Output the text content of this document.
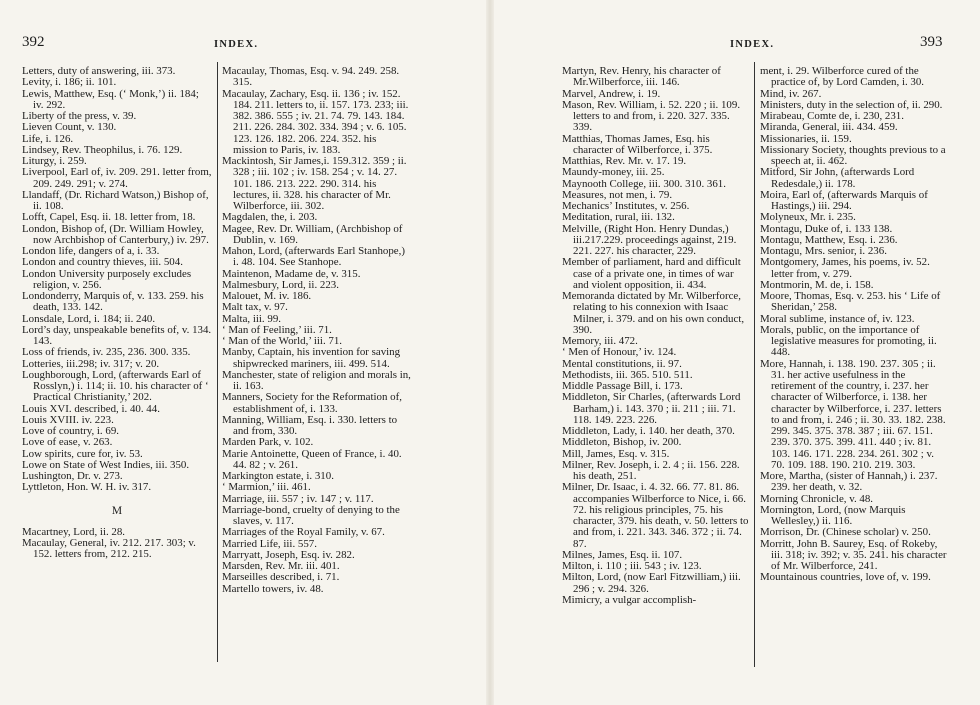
392	INDEX.

Letters, duty of answering, iii. 373.

Levity, i. 186; ii. 101.

Lewis, Matthew, Esq. (‘ Monk,’) ii. 184; iv. 292.

Liberty of the press, v. 39.

Lieven Count, v. 130.

Life, i. 126.

Lindsey, Rev. Theophilus, i. 76. 129.

Liturgy, i. 259.

Liverpool, Earl of, iv. 209. 291. letter from, 209. 249. 291; v. 274.

Llandaff, (Dr. Richard Watson,) Bishop of, ii. 108.

Lofft, Capel, Esq. ii. 18. letter from, 18.

London, Bishop of, (Dr. William Howley, now Archbishop of Canterbury,) iv. 297.

London life, dangers of a, i. 33.

London and country thieves, iii. 504.

London University purposely excludes religion, v. 256.

Londonderry, Marquis of, v. 133. 259. his death, 133. 142.

Lonsdale, Lord, i. 184; ii. 240.

Lord’s day, unspeakable benefits of, v. 134. 143.

Loss of friends, iv. 235, 236. 300. 335.

Lotteries, iii.298; iv. 317; v. 20.

Loughborough, Lord, (afterwards Earl of Rosslyn,) i. 114; ii. 10. his character of ‘ Practical Christianity,’ 202.

Louis XVI. described, i. 40. 44.

Louis XVIII. iv. 223.

Love of country, i. 69.

Love of ease, v. 263.

Low spirits, cure for, iv. 53.

Lowe on State of West Indies, iii. 350.

Lushington, Dr. v. 273.

Lyttleton, Hon. W. H. iv. 317.

M

Macartney, Lord, ii. 28.

Macaulay, General, iv. 212. 217. 303; v. 152. letters from, 212. 215.

Macaulay, Thomas, Esq. v. 94. 249. 258. 315.

Macaulay, Zachary, Esq. ii. 136 ; iv. 152. 184. 211. letters to, ii. 157. 173. 233; iii. 382. 386. 555 ; iv. 21. 74. 79. 143. 184. 211. 226. 284. 302. 334. 394 ; v. 6. 105. 123. 126. 182. 206. 224. 352. his mission to Paris, iv. 183.

Mackintosh, Sir James,i. 159.312. 359 ; ii. 328 ; iii. 102 ; iv. 158. 254 ; v. 14. 27. 101. 186. 213. 222. 290. 314. his lectures, ii. 328. his character of Mr. Wilberforce, iii. 302.

Magdalen, the, i. 203.

Magee, Rev. Dr. William, (Archbishop of Dublin, v. 169.

Mahon, Lord, (afterwards Earl Stanhope,) i. 48. 104. See Stanhope.

Maintenon, Madame de, v. 315.

Malmesbury, Lord, ii. 223.

Malouet, M. iv. 186.

Malt tax, v. 97.

Malta, iii. 99.

‘ Man of Feeling,’ iii. 71.

‘ Man of the World,’ iii. 71.

Manby, Captain, his invention for saving shipwrecked mariners, iii. 499. 514.

Manchester, state of religion and morals in, ii. 163.

Manners, Society for the Reformation of, establishment of, i. 133.

Manning, William, Esq. i. 330. letters to and from, 330.

Marden Park, v. 102.

Marie Antoinette, Queen of France, i. 40. 44. 82 ; v. 261.

Markington estate, i. 310.

‘ Marmion,’ iii. 461.

Marriage, iii. 557 ; iv. 147 ; v. 117.

Marriage-bond, cruelty of denying to the slaves, v. 117.

Marriages of the Royal Family, v. 67.

Married Life, iii. 557.

Marryatt, Joseph, Esq. iv. 282.

Marsden, Rev. Mr. iii. 401.

Marseilles described, i. 71.

Martello towers, iv. 48.

INDEX.	393

Martyn, Rev. Henry, his character of Mr.Wilberforce, iii. 146.

Marvel, Andrew, i. 19.

Mason, Rev. William, i. 52. 220 ; ii. 109. letters to and from, i. 220. 327. 335. 339.

Matthias, Thomas James, Esq. his character of Wilberforce, i. 375.

Matthias, Rev. Mr. v. 17. 19.

Maundy-money, iii. 25.

Maynooth College, iii. 300. 310. 361.

Measures, not men, i. 79.

Mechanics’ Institutes, v. 256.

Meditation, rural, iii. 132.

Melville, (Right Hon. Henry Dundas,) iii.217.229. proceedings against, 219. 221. 227. his character, 229.

Member of parliament, hard and difficult case of a private one, in times of war and violent opposition, ii. 434.

Memoranda dictated by Mr. Wilberforce, relating to his connexion with Isaac Milner, i. 379. and on his own conduct, 390.

Memory, iii. 472.

‘ Men of Honour,’ iv. 124.

Mental constitutions, ii. 97.

Methodists, iii. 365. 510. 511.

Middle Passage Bill, i. 173.

Middleton, Sir Charles, (afterwards Lord Barham,) i. 143. 370 ; ii. 211 ; iii. 71. 118. 149. 223. 226.

Middleton, Lady, i. 140. her death, 370.

Middleton, Bishop, iv. 200.

Mill, James, Esq. v. 315.

Milner, Rev. Joseph, i. 2. 4 ; ii. 156. 228. his death, 251.

Milner, Dr. Isaac, i. 4. 32. 66. 77. 81. 86. accompanies Wilberforce to Nice, i. 66. 72. his religious principles, 75. his character, 379. his death, v. 50. letters to and from, i. 221. 343. 346. 372 ; ii. 74. 87.

Milnes, James, Esq. ii. 107.

Milton, i. 110 ; iii. 543 ; iv. 123.

Milton, Lord, (now Earl Fitzwilliam,) iii. 296 ; v. 294. 326.

Mimicry, a vulgar accomplish-

ment, i. 29. Wilberforce cured of the practice of, by Lord Camden, i. 30.

Mind, iv. 267.

Ministers, duty in the selection of, ii. 290.

Mirabeau, Comte de, i. 230, 231.

Miranda, General, iii. 434. 459.

Missionaries, ii. 159.

Missionary Society, thoughts previous to a speech at, ii. 462.

Mitford, Sir John, (afterwards Lord Redesdale,) ii. 178.

Moira, Earl of, (afterwards Marquis of Hastings,) iii. 294.

Molyneux, Mr. i. 235.

Montagu, Duke of, i. 133 138.

Montagu, Matthew, Esq. i. 236.

Montagu, Mrs. senior, i. 236.

Montgomery, James, his poems, iv. 52. letter from, v. 279.

Montmorin, M. de, i. 158.

Moore, Thomas, Esq. v. 253. his ‘ Life of Sheridan,’ 258.

Moral sublime, instance of, iv. 123.

Morals, public, on the importance of legislative measures for promoting, ii. 448.

More, Hannah, i. 138. 190. 237. 305 ; ii. 31. her active usefulness in the retirement of the country, i. 237. her character of Wilberforce, i. 138. her character by Wilberforce, i. 237. letters to and from, i. 246 ; ii. 30. 33. 182. 238. 299. 345. 375. 378. 387 ; iii. 67. 151. 239. 370. 375. 399. 411. 440 ; iv. 81. 103. 146. 171. 228. 234. 261. 302 ; v. 70. 109. 188. 190. 210. 219. 303.

More, Martha, (sister of Hannah,) i. 237. 239. her death, v. 32.

Morning Chronicle, v. 48.

Mornington, Lord, (now Marquis Wellesley,) ii. 116.

Morrison, Dr. (Chinese scholar) v. 250.

Morritt, John B. Saurey, Esq. of Rokeby, iii. 318; iv. 392; v. 35. 241. his character of Mr. Wilberforce, 241.

Mountainous countries, love of, v. 199.
